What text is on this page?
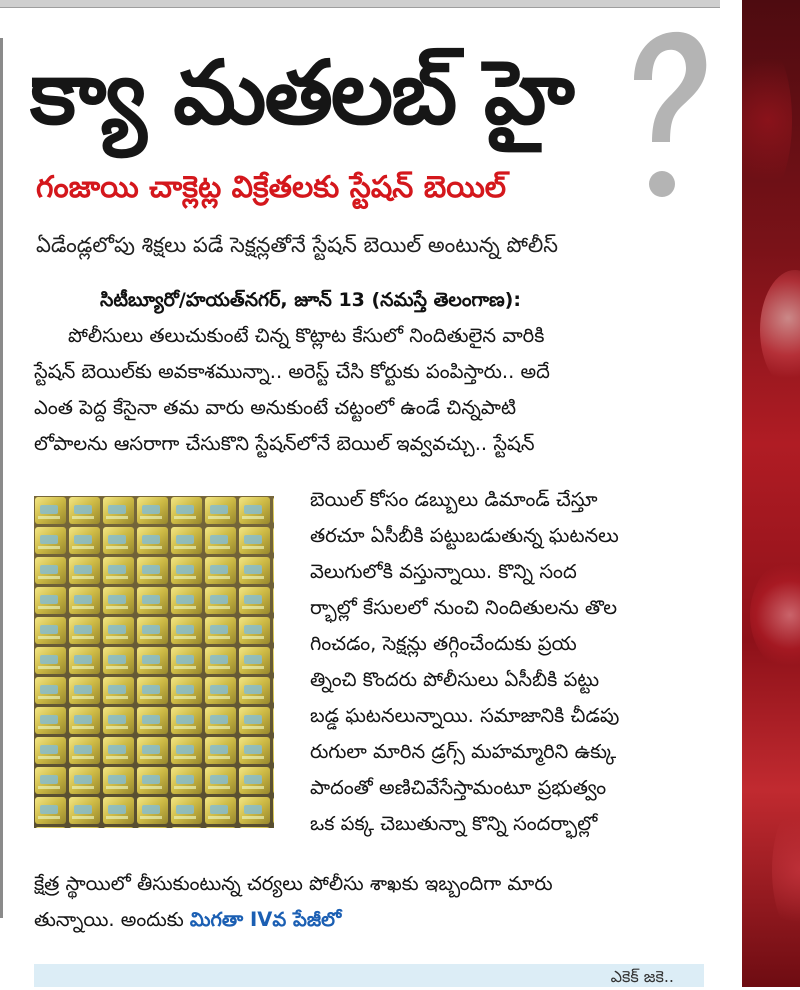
క్యా మతలబ్ హై
గంజాయి చాక్లెట్ల విక్రేతలకు స్టేషన్ బెయిల్

ఏడేండ్లలోపు శిక్షలు పడే సెక్షన్లతోనే స్టేషన్ బెయిల్ అంటున్న పోలీస్

సిటీబ్యూరో/హయత్‌నగర్, జూన్ 13 (నమస్తే తెలంగాణ):

పోలీసులు తలుచుకుంటే చిన్న కొట్లాట కేసులో నిందితులైన వారికి

స్టేషన్ బెయిల్‌కు అవకాశమున్నా.. అరెస్ట్ చేసి కోర్టుకు పంపిస్తారు.. అదే

ఎంత పెద్ద కేసైనా తమ వారు అనుకుంటే చట్టంలో ఉండే చిన్నపాటి

లోపాలను ఆసరాగా చేసుకొని స్టేషన్‌లోనే బెయిల్ ఇవ్వవచ్చు.. స్టేషన్

బెయిల్ కోసం డబ్బులు డిమాండ్ చేస్తూ

తరచూ ఏసీబీకి పట్టుబడుతున్న ఘటనలు

వెలుగులోకి వస్తున్నాయి. కొన్ని సంద

ర్భాల్లో కేసులలో నుంచి నిందితులను తొల

గించడం, సెక్షన్లు తగ్గించేందుకు ప్రయ

త్నించి కొందరు పోలీసులు ఏసీబీకి పట్టు

బడ్డ ఘటనలున్నాయి. సమాజానికి చీడపు

రుగులా మారిన డ్రగ్స్ మహమ్మారిని ఉక్కు

పాదంతో అణిచివేసేస్తామంటూ ప్రభుత్వం

ఒక పక్క చెబుతున్నా కొన్ని సందర్భాల్లో

క్షేత్ర స్థాయిలో తీసుకుంటున్న చర్యలు పోలీసు శాఖకు ఇబ్బందిగా మారు

తున్నాయి. అందుకు మిగతా IVవ పేజీలో

ఎకెక్ జకె..
